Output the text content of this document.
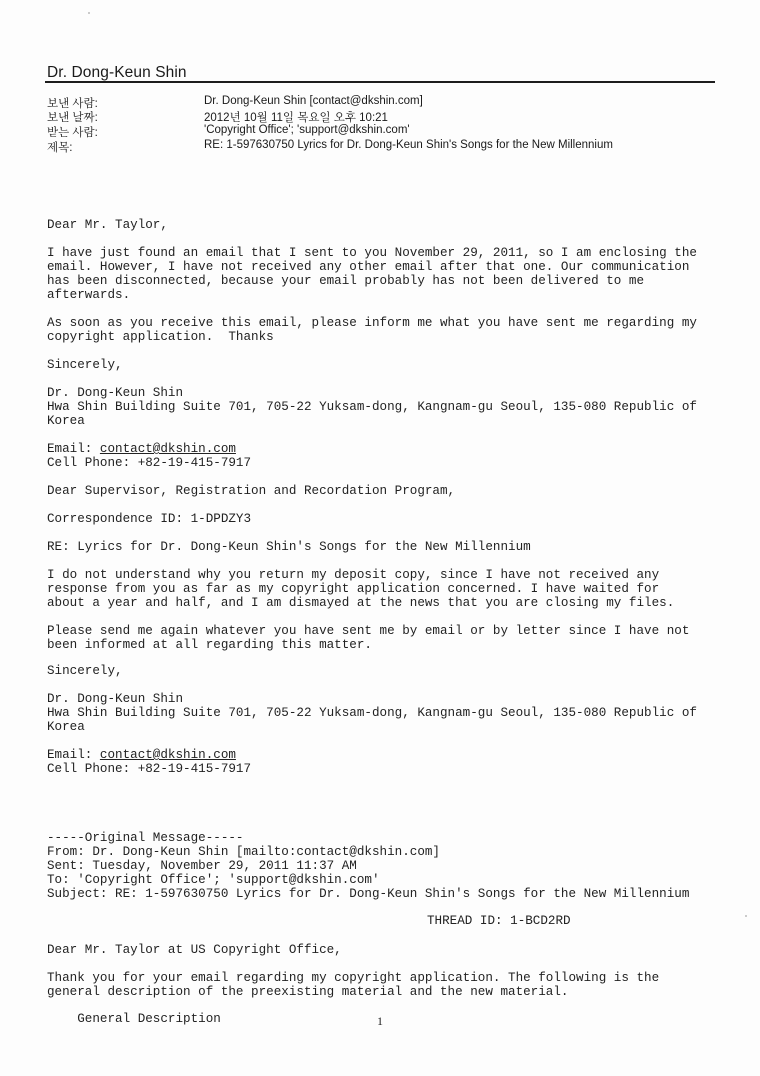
Dr. Dong-Keun Shin
보낸 사람:	Dr. Dong-Keun Shin [contact@dkshin.com]
보낸 날짜:	2012년 10월 11일 목요일 오후 10:21
받는 사람:	'Copyright Office'; 'support@dkshin.com'
제목:	RE: 1-597630750 Lyrics for Dr. Dong-Keun Shin's Songs for the New Millennium
Dear Mr. Taylor,
I have just found an email that I sent to you November 29, 2011, so I am enclosing the
email. However, I have not received any other email after that one. Our communication
has been disconnected, because your email probably has not been delivered to me
afterwards.
As soon as you receive this email, please inform me what you have sent me regarding my
copyright application.  Thanks
Sincerely,
Dr. Dong-Keun Shin
Hwa Shin Building Suite 701, 705-22 Yuksam-dong, Kangnam-gu Seoul, 135-080 Republic of
Korea
Email: contact@dkshin.com
Cell Phone: +82-19-415-7917
Dear Supervisor, Registration and Recordation Program,
Correspondence ID: 1-DPDZY3
RE: Lyrics for Dr. Dong-Keun Shin's Songs for the New Millennium
I do not understand why you return my deposit copy, since I have not received any
response from you as far as my copyright application concerned. I have waited for
about a year and half, and I am dismayed at the news that you are closing my files.
Please send me again whatever you have sent me by email or by letter since I have not
been informed at all regarding this matter.
Sincerely,
Dr. Dong-Keun Shin
Hwa Shin Building Suite 701, 705-22 Yuksam-dong, Kangnam-gu Seoul, 135-080 Republic of
Korea
Email: contact@dkshin.com
Cell Phone: +82-19-415-7917
-----Original Message-----
From: Dr. Dong-Keun Shin [mailto:contact@dkshin.com]
Sent: Tuesday, November 29, 2011 11:37 AM
To: 'Copyright Office'; 'support@dkshin.com'
Subject: RE: 1-597630750 Lyrics for Dr. Dong-Keun Shin's Songs for the New Millennium
THREAD ID: 1-BCD2RD
Dear Mr. Taylor at US Copyright Office,
Thank you for your email regarding my copyright application. The following is the
general description of the preexisting material and the new material.
General Description	1
